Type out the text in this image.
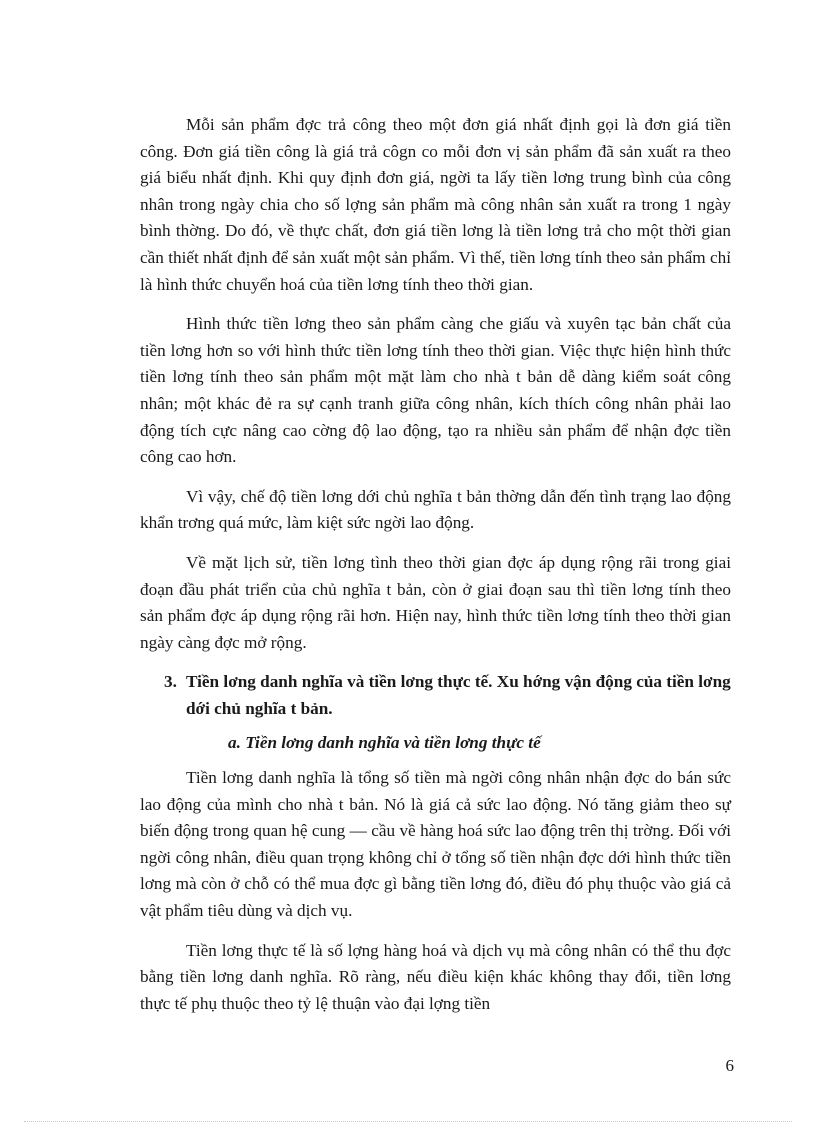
Mỗi sản phẩm đợc trả công theo một đơn giá nhất định gọi là đơn giá tiền công. Đơn giá tiền công là giá trả côgn co mỗi đơn vị sản phẩm đã sản xuất ra theo giá biểu nhất định. Khi quy định đơn giá, ngời ta lấy tiền lơng trung bình của công nhân trong ngày chia cho số lợng sản phẩm mà công nhân sản xuất ra trong 1 ngày bình thờng. Do đó, về thực chất, đơn giá tiền lơng là tiền lơng trả cho một thời gian cần thiết nhất định để sản xuất một sản phẩm. Vì thế, tiền lơng tính theo sản phẩm chỉ là hình thức chuyển hoá của tiền lơng tính theo thời gian.

Hình thức tiền lơng theo sản phẩm càng che giấu và xuyên tạc bản chất của tiền lơng hơn so với hình thức tiền lơng tính theo thời gian. Việc thực hiện hình thức tiền lơng tính theo sản phẩm một mặt làm cho nhà t bản dễ dàng kiểm soát công nhân; một khác đẻ ra sự cạnh tranh giữa công nhân, kích thích công nhân phải lao động tích cực nâng cao cờng độ lao động, tạo ra nhiều sản phẩm để nhận đợc tiền công cao hơn.

Vì vậy, chế độ tiền lơng dới chủ nghĩa t bản thờng dẫn đến tình trạng lao động khẩn trơng quá mức, làm kiệt sức ngời lao động.

Về mặt lịch sử, tiền lơng tình theo thời gian đợc áp dụng rộng rãi trong giai đoạn đầu phát triển của chủ nghĩa t bản, còn ở giai đoạn sau thì tiền lơng tính theo sản phẩm đợc áp dụng rộng rãi hơn. Hiện nay, hình thức tiền lơng tính theo thời gian ngày càng đợc mở rộng.

3. Tiền lơng danh nghĩa và tiền lơng thực tế. Xu hớng vận động của tiền lơng dới chủ nghĩa t bản.
a. Tiền lơng danh nghĩa và tiền lơng thực tế

Tiền lơng danh nghĩa là tổng số tiền mà ngời công nhân nhận đợc do bán sức lao động của mình cho nhà t bản. Nó là giá cả sức lao động. Nó tăng giảm theo sự biến động trong quan hệ cung — cầu về hàng hoá sức lao động trên thị trờng. Đối với ngời công nhân, điều quan trọng không chỉ ở tổng số tiền nhận đợc dới hình thức tiền lơng mà còn ở chỗ có thể mua đợc gì bằng tiền lơng đó, điều đó phụ thuộc vào giá cả vật phẩm tiêu dùng và dịch vụ.

Tiền lơng thực tế là số lợng hàng hoá và dịch vụ mà công nhân có thể thu đợc bằng tiền lơng danh nghĩa. Rõ ràng, nếu điều kiện khác không thay đổi, tiền lơng thực tế phụ thuộc theo tỷ lệ thuận vào đại lợng tiền

6
